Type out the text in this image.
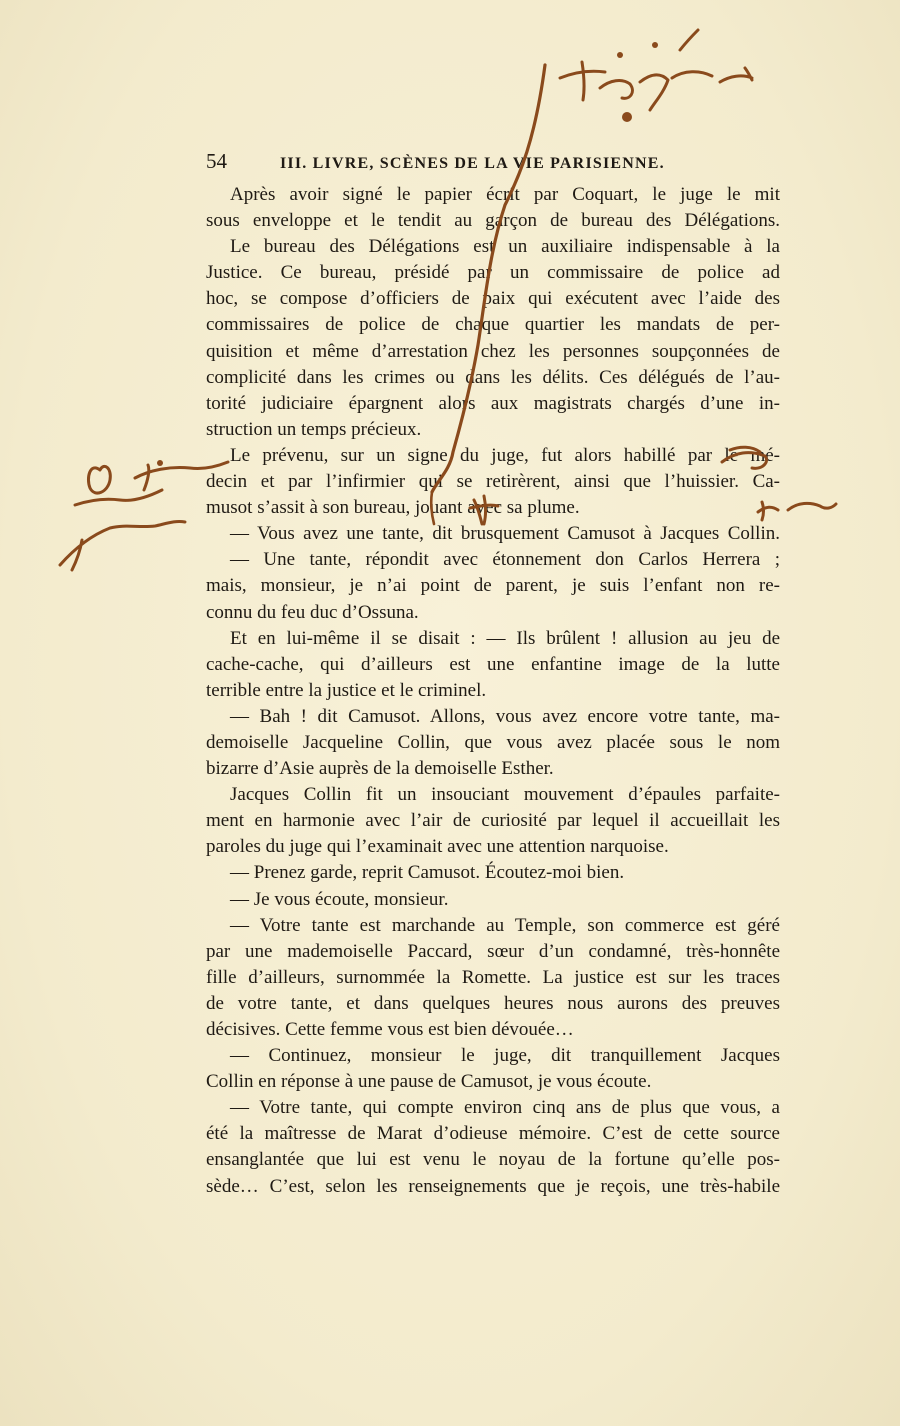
54	III. LIVRE, SCÈNES DE LA VIE PARISIENNE.
Après avoir signé le papier écrit par Coquart, le juge le mit
sous enveloppe et le tendit au garçon de bureau des Délégations.
Le bureau des Délégations est un auxiliaire indispensable à la
Justice. Ce bureau, présidé par un commissaire de police ad
hoc, se compose d’officiers de paix qui exécutent avec l’aide des
commissaires de police de chaque quartier les mandats de per-
quisition et même d’arrestation chez les personnes soupçonnées de
complicité dans les crimes ou dans les délits. Ces délégués de l’au-
torité judiciaire épargnent alors aux magistrats chargés d’une in-
struction un temps précieux.
Le prévenu, sur un signe du juge, fut alors habillé par le mé-
decin et par l’infirmier qui se retirèrent, ainsi que l’huissier. Ca-
musot s’assit à son bureau, jouant avec sa plume.
— Vous avez une tante, dit brusquement Camusot à Jacques Collin.
— Une tante, répondit avec étonnement don Carlos Herrera ;
mais, monsieur, je n’ai point de parent, je suis l’enfant non re-
connu du feu duc d’Ossuna.
Et en lui-même il se disait : — Ils brûlent ! allusion au jeu de
cache-cache, qui d’ailleurs est une enfantine image de la lutte
terrible entre la justice et le criminel.
— Bah ! dit Camusot. Allons, vous avez encore votre tante, ma-
demoiselle Jacqueline Collin, que vous avez placée sous le nom
bizarre d’Asie auprès de la demoiselle Esther.
Jacques Collin fit un insouciant mouvement d’épaules parfaite-
ment en harmonie avec l’air de curiosité par lequel il accueillait les
paroles du juge qui l’examinait avec une attention narquoise.
— Prenez garde, reprit Camusot. Écoutez-moi bien.
— Je vous écoute, monsieur.
— Votre tante est marchande au Temple, son commerce est géré
par une mademoiselle Paccard, sœur d’un condamné, très-honnête
fille d’ailleurs, surnommée la Romette. La justice est sur les traces
de votre tante, et dans quelques heures nous aurons des preuves
décisives. Cette femme vous est bien dévouée…
— Continuez, monsieur le juge, dit tranquillement Jacques
Collin en réponse à une pause de Camusot, je vous écoute.
— Votre tante, qui compte environ cinq ans de plus que vous, a
été la maîtresse de Marat d’odieuse mémoire. C’est de cette source
ensanglantée que lui est venu le noyau de la fortune qu’elle pos-
sède… C’est, selon les renseignements que je reçois, une très-habile
